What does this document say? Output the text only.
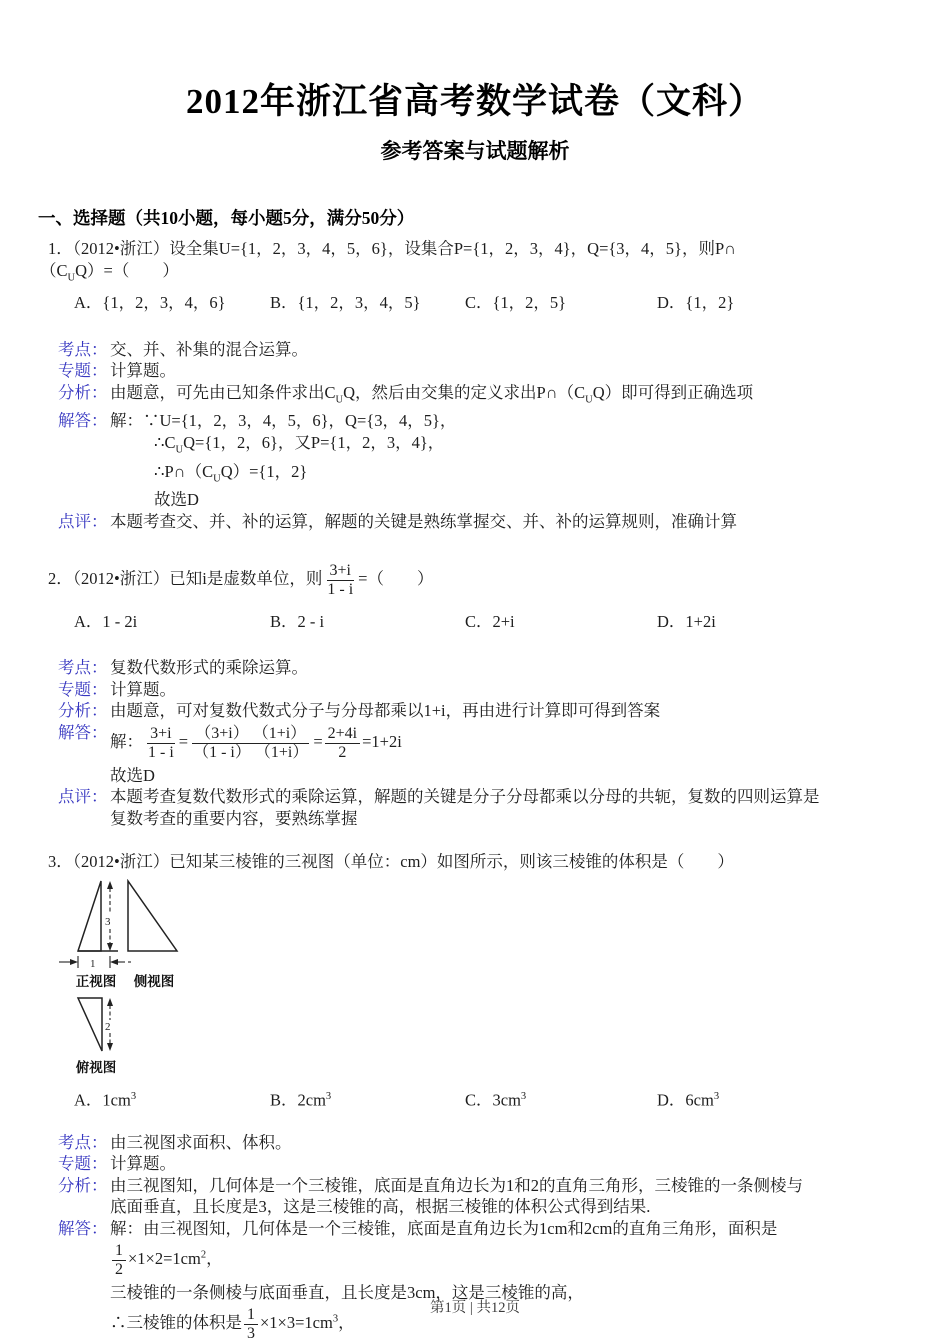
2012年浙江省高考数学试卷（文科）
参考答案与试题解析
一、选择题（共10小题，每小题5分，满分50分）
1．（2012•浙江）设全集U={1，2，3，4，5，6}，设集合P={1，2，3，4}，Q={3，4，5}，则P∩
$(C_UQ)=$（　　）
A．{1，2，3，4，6}	B．{1，2，3，4，5}	C．{1，2，5}	D．{1，2}
考点： 交、并、补集的混合运算。
专题： 计算题。
分析： 由题意，可先由已知条件求出$C_UQ$，然后由交集的定义求出$P\cap(C_UQ)$即可得到正确选项
解答： 解：∵U={1，2，3，4，5，6}，Q={3，4，5}，
$\therefore C_UQ=\{1$，2，6}，又P={1，2，3，4}，
$\therefore P\cap(C_UQ)=\{1$，2}
故选D
点评： 本题考查交、并、补的运算，解题的关键是熟练掌握交、并、补的运算规则，准确计算
2．（2012•浙江）已知i是虚数单位，则 $\frac{3+i}{1 - i}$ =（　　）
A．1 - 2i	B．2 - i	C．2+i	D．1+2i
考点： 复数代数形式的乘除运算。
专题： 计算题。
分析： 由题意，可对复数代数式分子与分母都乘以1+i，再由进行计算即可得到答案
解答： 解： $\frac{3+i}{1 - i} = \frac{(3+i) (1+i)}{(1 - i) (1+i)} = \frac{2+4i}{2} =1+2i$
故选D
点评： 本题考查复数代数形式的乘除运算，解题的关键是分子分母都乘以分母的共轭，复数的四则运算是
复数考查的重要内容，要熟练掌握
3．（2012•浙江）已知某三棱锥的三视图（单位：cm）如图所示，则该三棱锥的体积是（　　）
3
1
2
正视图 侧视图
俯视图
A．$1cm^3$	B．$2cm^3$	C．$3cm^3$	D．$6cm^3$
考点： 由三视图求面积、体积。
专题： 计算题。
分析： 由三视图知，几何体是一个三棱锥，底面是直角边长为1和2的直角三角形，三棱锥的一条侧棱与
底面垂直，且长度是3，这是三棱锥的高，根据三棱锥的体积公式得到结果.
解答： 解：由三视图知，几何体是一个三棱锥，底面是直角边长为1cm和2cm的直角三角形，面积是
$\frac{1}{2} \times 1\times 2=1cm^2$，
三棱锥的一条侧棱与底面垂直，且长度是3cm，这是三棱锥的高，
∴三棱锥的体积是 $\frac{1}{3} \times 1\times 3=1cm^3$，
第1页 | 共12页
